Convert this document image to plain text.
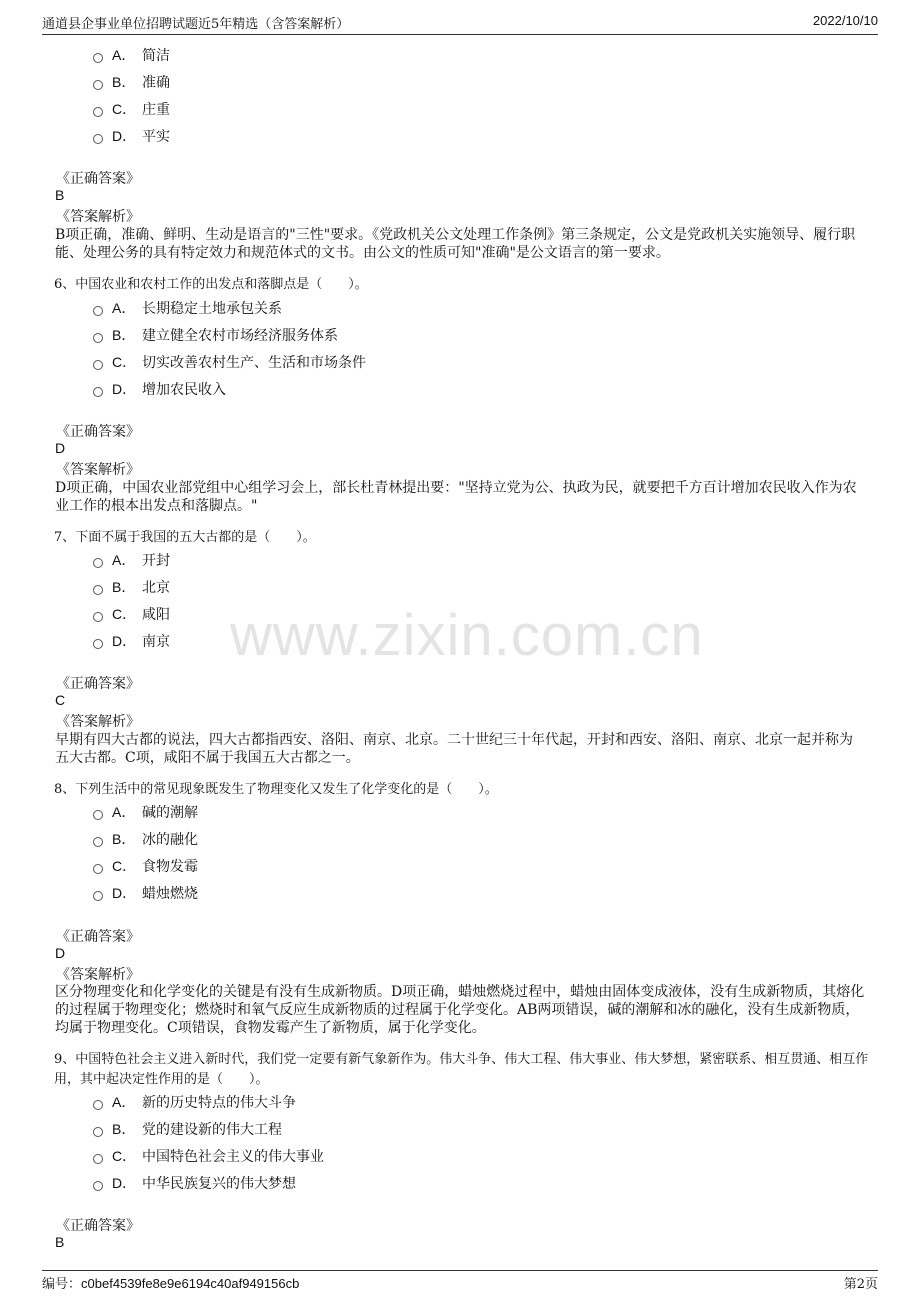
通道县企事业单位招聘试题近5年精选（含答案解析）	2022/10/10
www.zixin.com.cn
A． 简洁
B． 准确
C． 庄重
D． 平实
《正确答案》
B
《答案解析》
B项正确，准确、鲜明、生动是语言的"三性"要求。《党政机关公文处理工作条例》第三条规定，公文是党政机关实施领导、履行职能、处理公务的具有特定效力和规范体式的文书。由公文的性质可知"准确"是公文语言的第一要求。
6、中国农业和农村工作的出发点和落脚点是（　　）。
A． 长期稳定土地承包关系
B． 建立健全农村市场经济服务体系
C． 切实改善农村生产、生活和市场条件
D． 增加农民收入
《正确答案》
D
《答案解析》
D项正确，中国农业部党组中心组学习会上，部长杜青林提出要："坚持立党为公、执政为民，就要把千方百计增加农民收入作为农业工作的根本出发点和落脚点。"
7、下面不属于我国的五大古都的是（　　）。
A． 开封
B． 北京
C． 咸阳
D． 南京
《正确答案》
C
《答案解析》
早期有四大古都的说法，四大古都指西安、洛阳、南京、北京。二十世纪三十年代起，开封和西安、洛阳、南京、北京一起并称为五大古都。C项，咸阳不属于我国五大古都之一。
8、下列生活中的常见现象既发生了物理变化又发生了化学变化的是（　　）。
A． 碱的潮解
B． 冰的融化
C． 食物发霉
D． 蜡烛燃烧
《正确答案》
D
《答案解析》
区分物理变化和化学变化的关键是有没有生成新物质。D项正确，蜡烛燃烧过程中，蜡烛由固体变成液体，没有生成新物质，其熔化的过程属于物理变化；燃烧时和氧气反应生成新物质的过程属于化学变化。AB两项错误，碱的潮解和冰的融化，没有生成新物质，均属于物理变化。C项错误，食物发霉产生了新物质，属于化学变化。
9、中国特色社会主义进入新时代，我们党一定要有新气象新作为。伟大斗争、伟大工程、伟大事业、伟大梦想，紧密联系、相互贯通、相互作用，其中起决定性作用的是（　　）。
A． 新的历史特点的伟大斗争
B． 党的建设新的伟大工程
C． 中国特色社会主义的伟大事业
D． 中华民族复兴的伟大梦想
《正确答案》
B
编号：c0bef4539fe8e9e6194c40af949156cb	第2页
